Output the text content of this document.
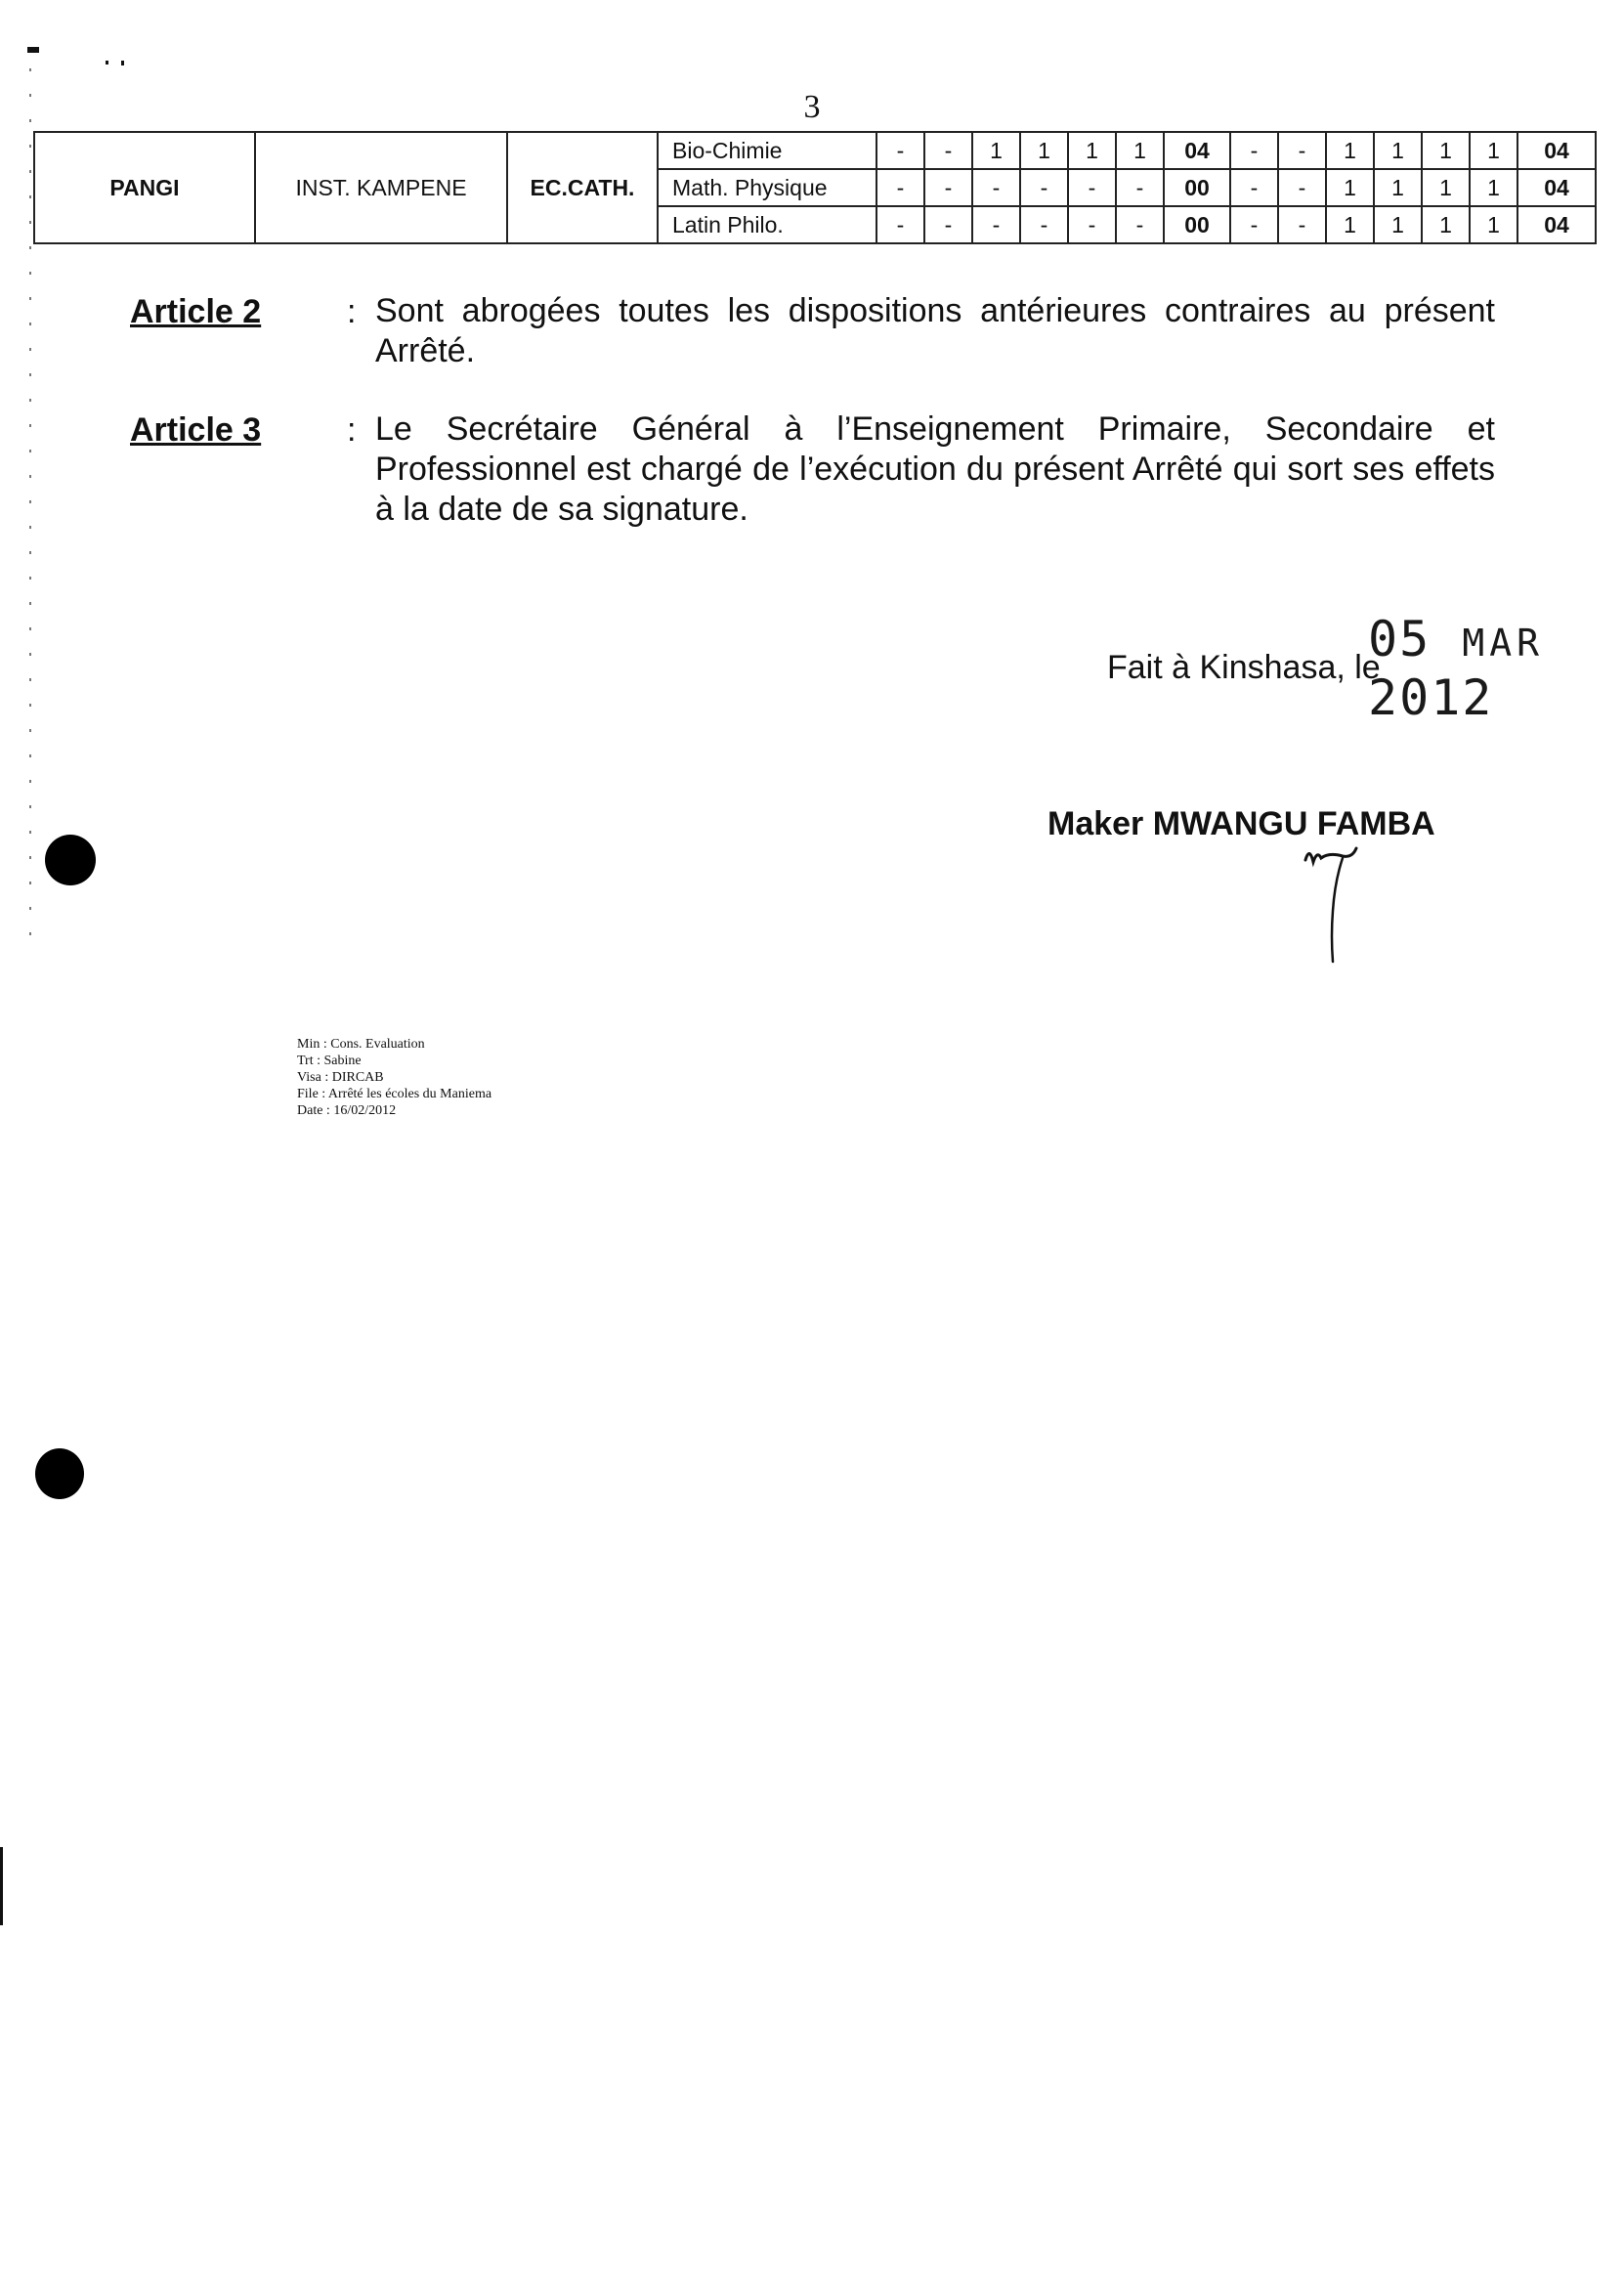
3
PANGI	INST. KAMPENE	EC.CATH.	Bio-Chimie	-	-	1	1	1	1	04	-	-	1	1	1	1	04
			Math. Physique	-	-	-	-	-	-	00	-	-	1	1	1	1	04
			Latin Philo.	-	-	-	-	-	-	00	-	-	1	1	1	1	04
Article 2	: Sont abrogées toutes les dispositions antérieures contraires au présent Arrêté.
Article 3	: Le Secrétaire Général à l’Enseignement Primaire, Secondaire et Professionnel est chargé de l’exécution du présent Arrêté qui sort ses effets à la date de sa signature.
Fait à Kinshasa, le
05 MAR 2012
Maker MWANGU FAMBA
Min : Cons. Evaluation
Trt : Sabine
Visa : DIRCAB
File : Arrêté les écoles du Maniema
Date : 16/02/2012
